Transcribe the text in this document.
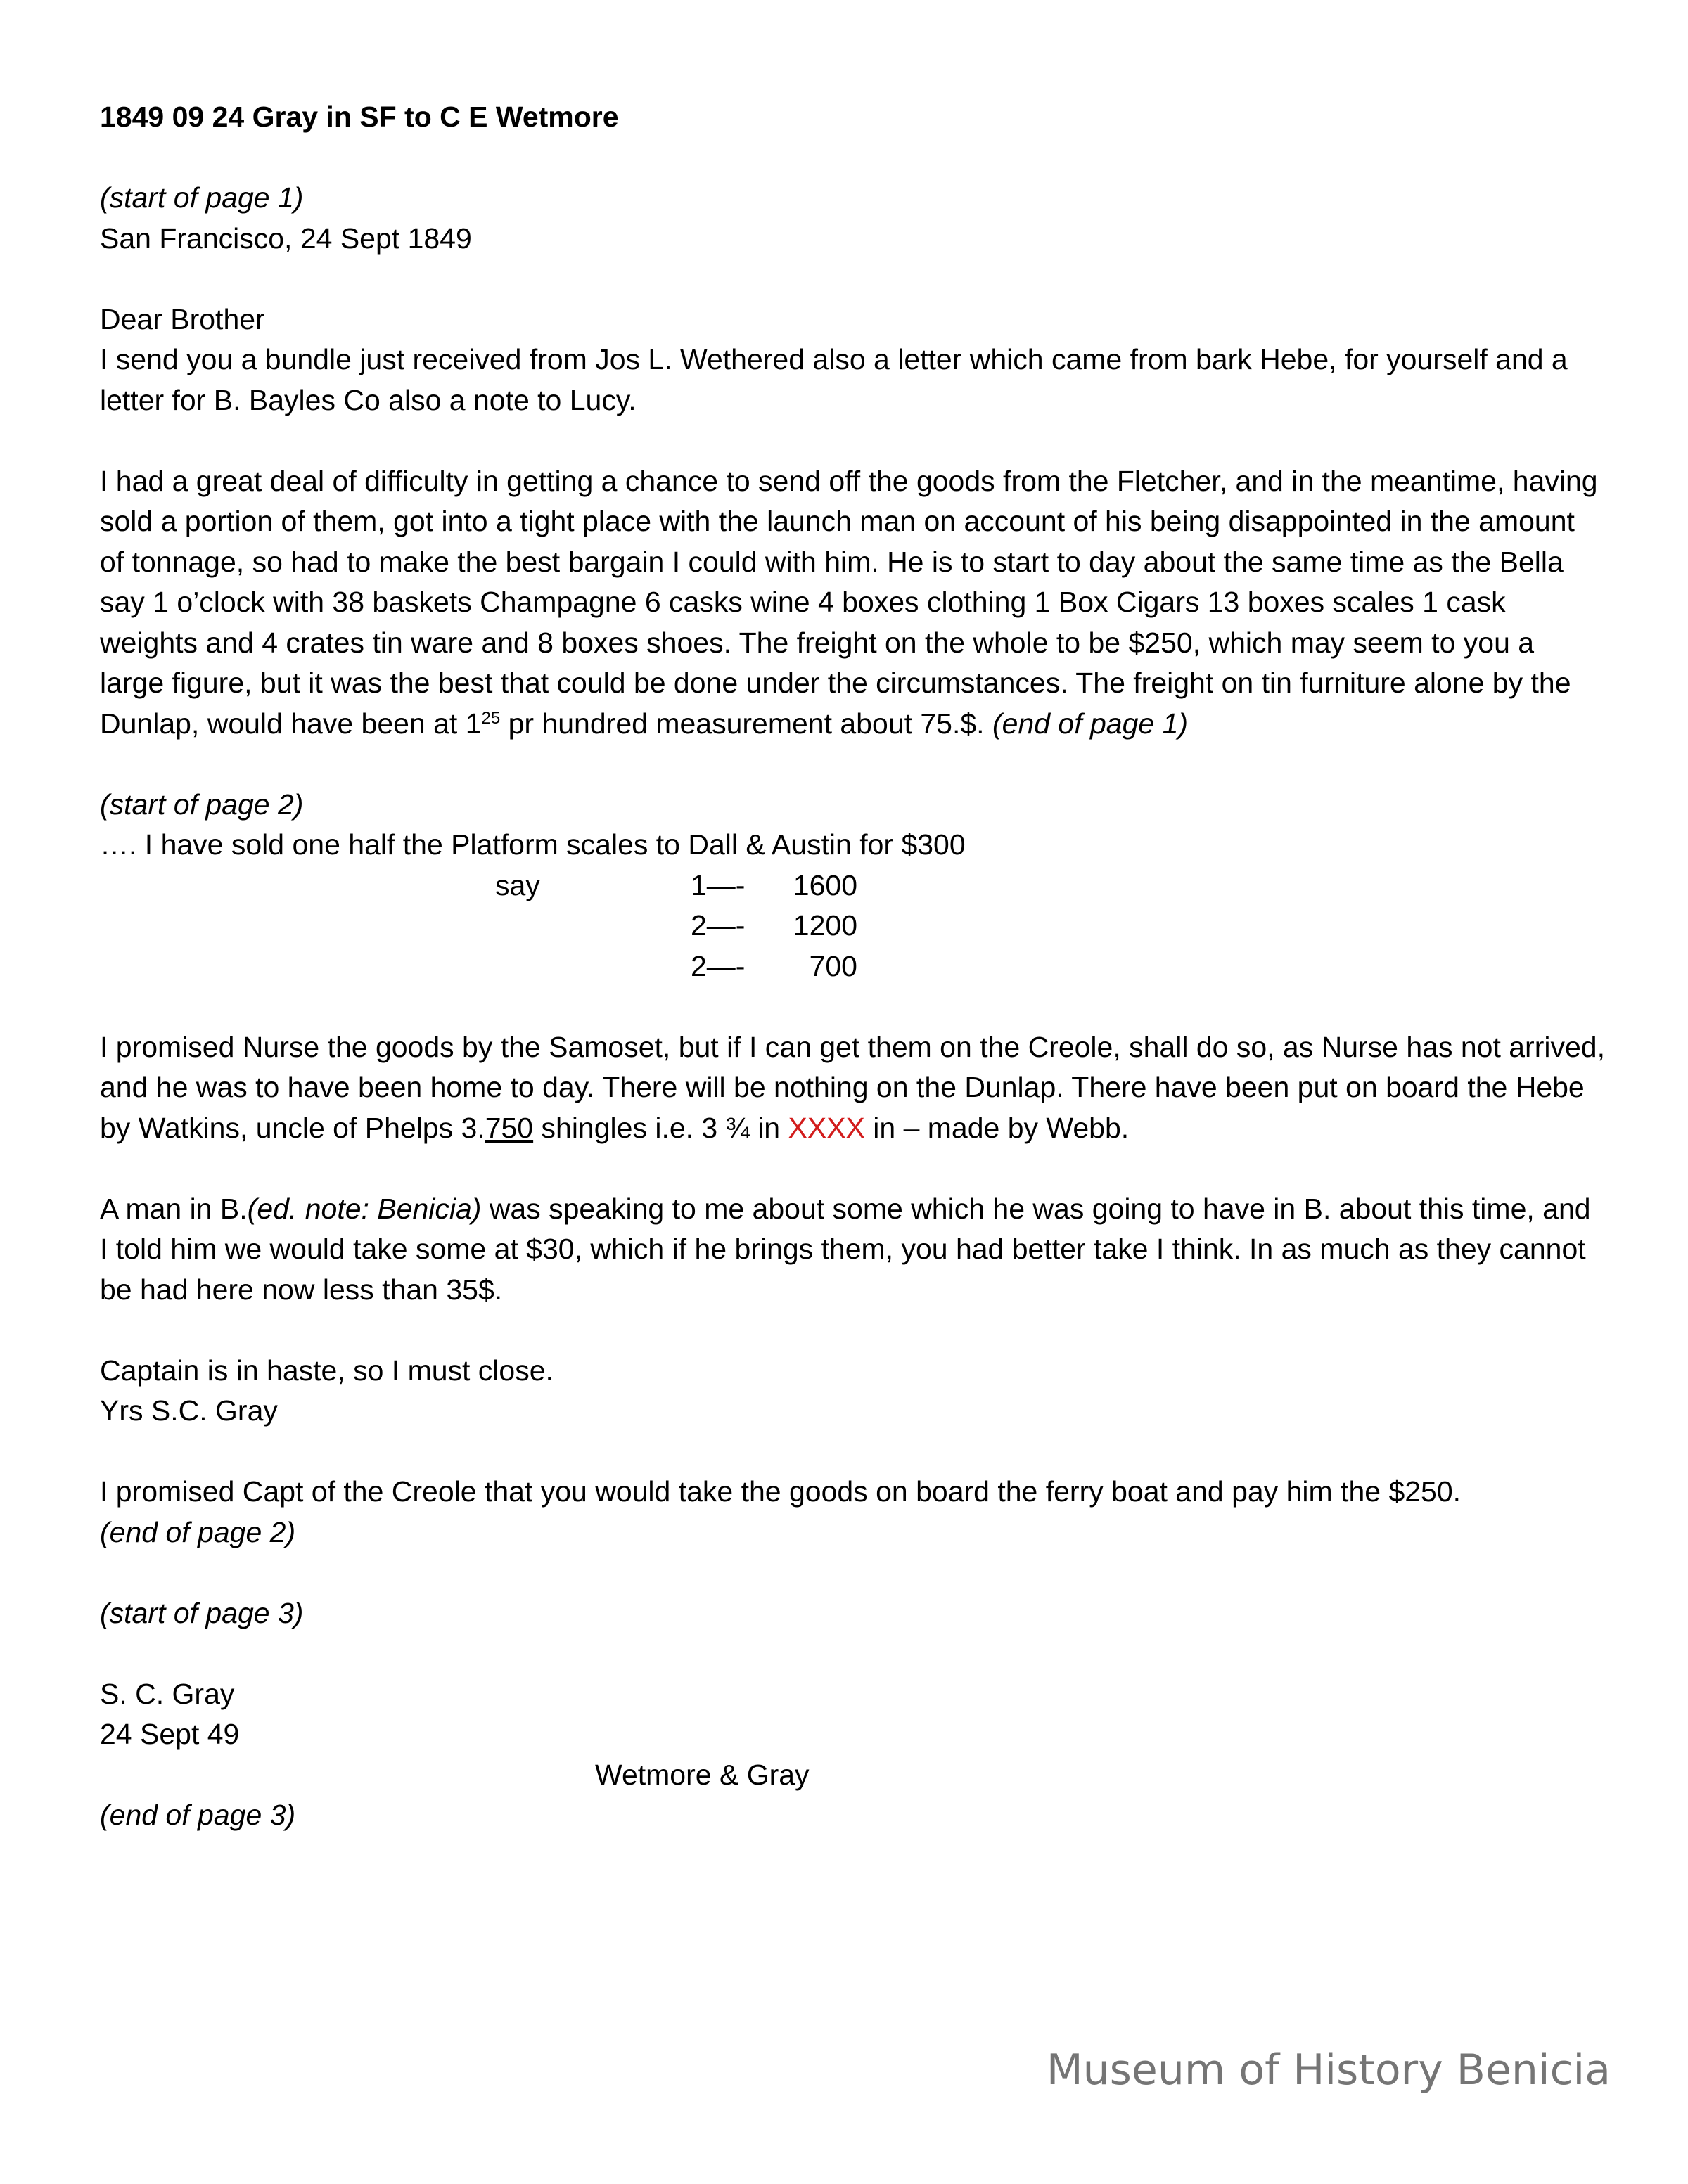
1849 09 24 Gray in SF to C E Wetmore
(start of page 1)
San Francisco, 24 Sept 1849
Dear Brother
I send you a bundle just received from Jos L. Wethered also a letter which came from bark Hebe, for yourself and a letter for B. Bayles Co also a note to Lucy.
I had a great deal of difficulty in getting a chance to send off the goods from the Fletcher, and in the meantime, having sold a portion of them, got into a tight place with the launch man on account of his being disappointed in the amount of tonnage, so had to make the best bargain I could with him. He is to start to day about the same time as the Bella say 1 o’clock with 38 baskets Champagne 6 casks wine 4 boxes clothing 1 Box Cigars 13 boxes scales 1 cask weights and 4 crates tin ware and 8 boxes shoes. The freight on the whole to be $250, which may seem to you a large figure, but it was the best that could be done under the circumstances. The freight on tin furniture alone by the Dunlap, would have been at $1^{25}$ pr hundred measurement about 75.$. (end of page 1)
(start of page 2)
…. I have sold one half the Platform scales to Dall & Austin for $300
say	1—- 1600
2—- 1200
2—-	700
I promised Nurse the goods by the Samoset, but if I can get them on the Creole, shall do so, as Nurse has not arrived, and he was to have been home to day. There will be nothing on the Dunlap. There have been put on board the Hebe by Watkins, uncle of Phelps 3.750 shingles i.e. 3 ¾ in XXXX in – made by Webb.
A man in B.(ed. note: Benicia) was speaking to me about some which he was going to have in B. about this time, and I told him we would take some at $30, which if he brings them, you had better take I think. In as much as they cannot be had here now less than 35$.
Captain is in haste, so I must close.
Yrs S.C. Gray
I promised Capt of the Creole that you would take the goods on board the ferry boat and pay him the $250.
(end of page 2)
(start of page 3)
S. C. Gray
24 Sept 49
Wetmore & Gray
(end of page 3)
Museum of History Benicia
